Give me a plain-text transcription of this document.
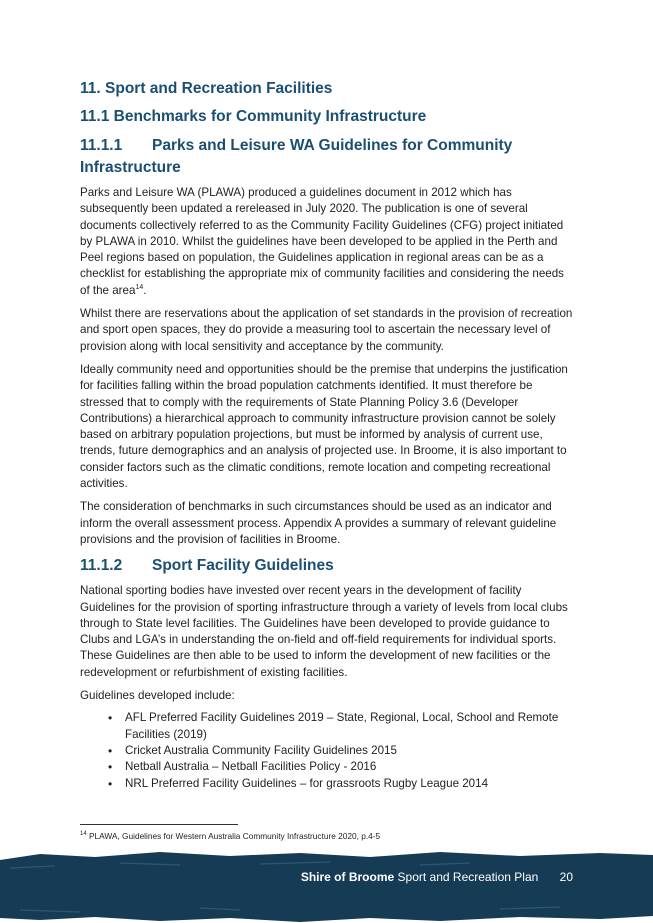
11. Sport and Recreation Facilities
11.1 Benchmarks for Community Infrastructure
11.1.1 Parks and Leisure WA Guidelines for Community Infrastructure

Parks and Leisure WA (PLAWA) produced a guidelines document in 2012 which has subsequently been updated a rereleased in July 2020. The publication is one of several documents collectively referred to as the Community Facility Guidelines (CFG) project initiated by PLAWA in 2010. Whilst the guidelines have been developed to be applied in the Perth and Peel regions based on population, the Guidelines application in regional areas can be as a checklist for establishing the appropriate mix of community facilities and considering the needs of the area$^{14}$.

Whilst there are reservations about the application of set standards in the provision of recreation and sport open spaces, they do provide a measuring tool to ascertain the necessary level of provision along with local sensitivity and acceptance by the community.

Ideally community need and opportunities should be the premise that underpins the justification for facilities falling within the broad population catchments identified. It must therefore be stressed that to comply with the requirements of State Planning Policy 3.6 (Developer Contributions) a hierarchical approach to community infrastructure provision cannot be solely based on arbitrary population projections, but must be informed by analysis of current use, trends, future demographics and an analysis of projected use. In Broome, it is also important to consider factors such as the climatic conditions, remote location and competing recreational activities.

The consideration of benchmarks in such circumstances should be used as an indicator and inform the overall assessment process. Appendix A provides a summary of relevant guideline provisions and the provision of facilities in Broome.

11.1.2 Sport Facility Guidelines

National sporting bodies have invested over recent years in the development of facility Guidelines for the provision of sporting infrastructure through a variety of levels from local clubs through to State level facilities. The Guidelines have been developed to provide guidance to Clubs and LGA’s in understanding the on-field and off-field requirements for individual sports. These Guidelines are then able to be used to inform the development of new facilities or the redevelopment or refurbishment of existing facilities.

Guidelines developed include:

• AFL Preferred Facility Guidelines 2019 – State, Regional, Local, School and Remote Facilities (2019)
• Cricket Australia Community Facility Guidelines 2015
• Netball Australia – Netball Facilities Policy - 2016
• NRL Preferred Facility Guidelines – for grassroots Rugby League 2014
$^{14}$ PLAWA, Guidelines for Western Australia Community Infrastructure 2020, p.4-5
Shire of Broome Sport and Recreation Plan 20
